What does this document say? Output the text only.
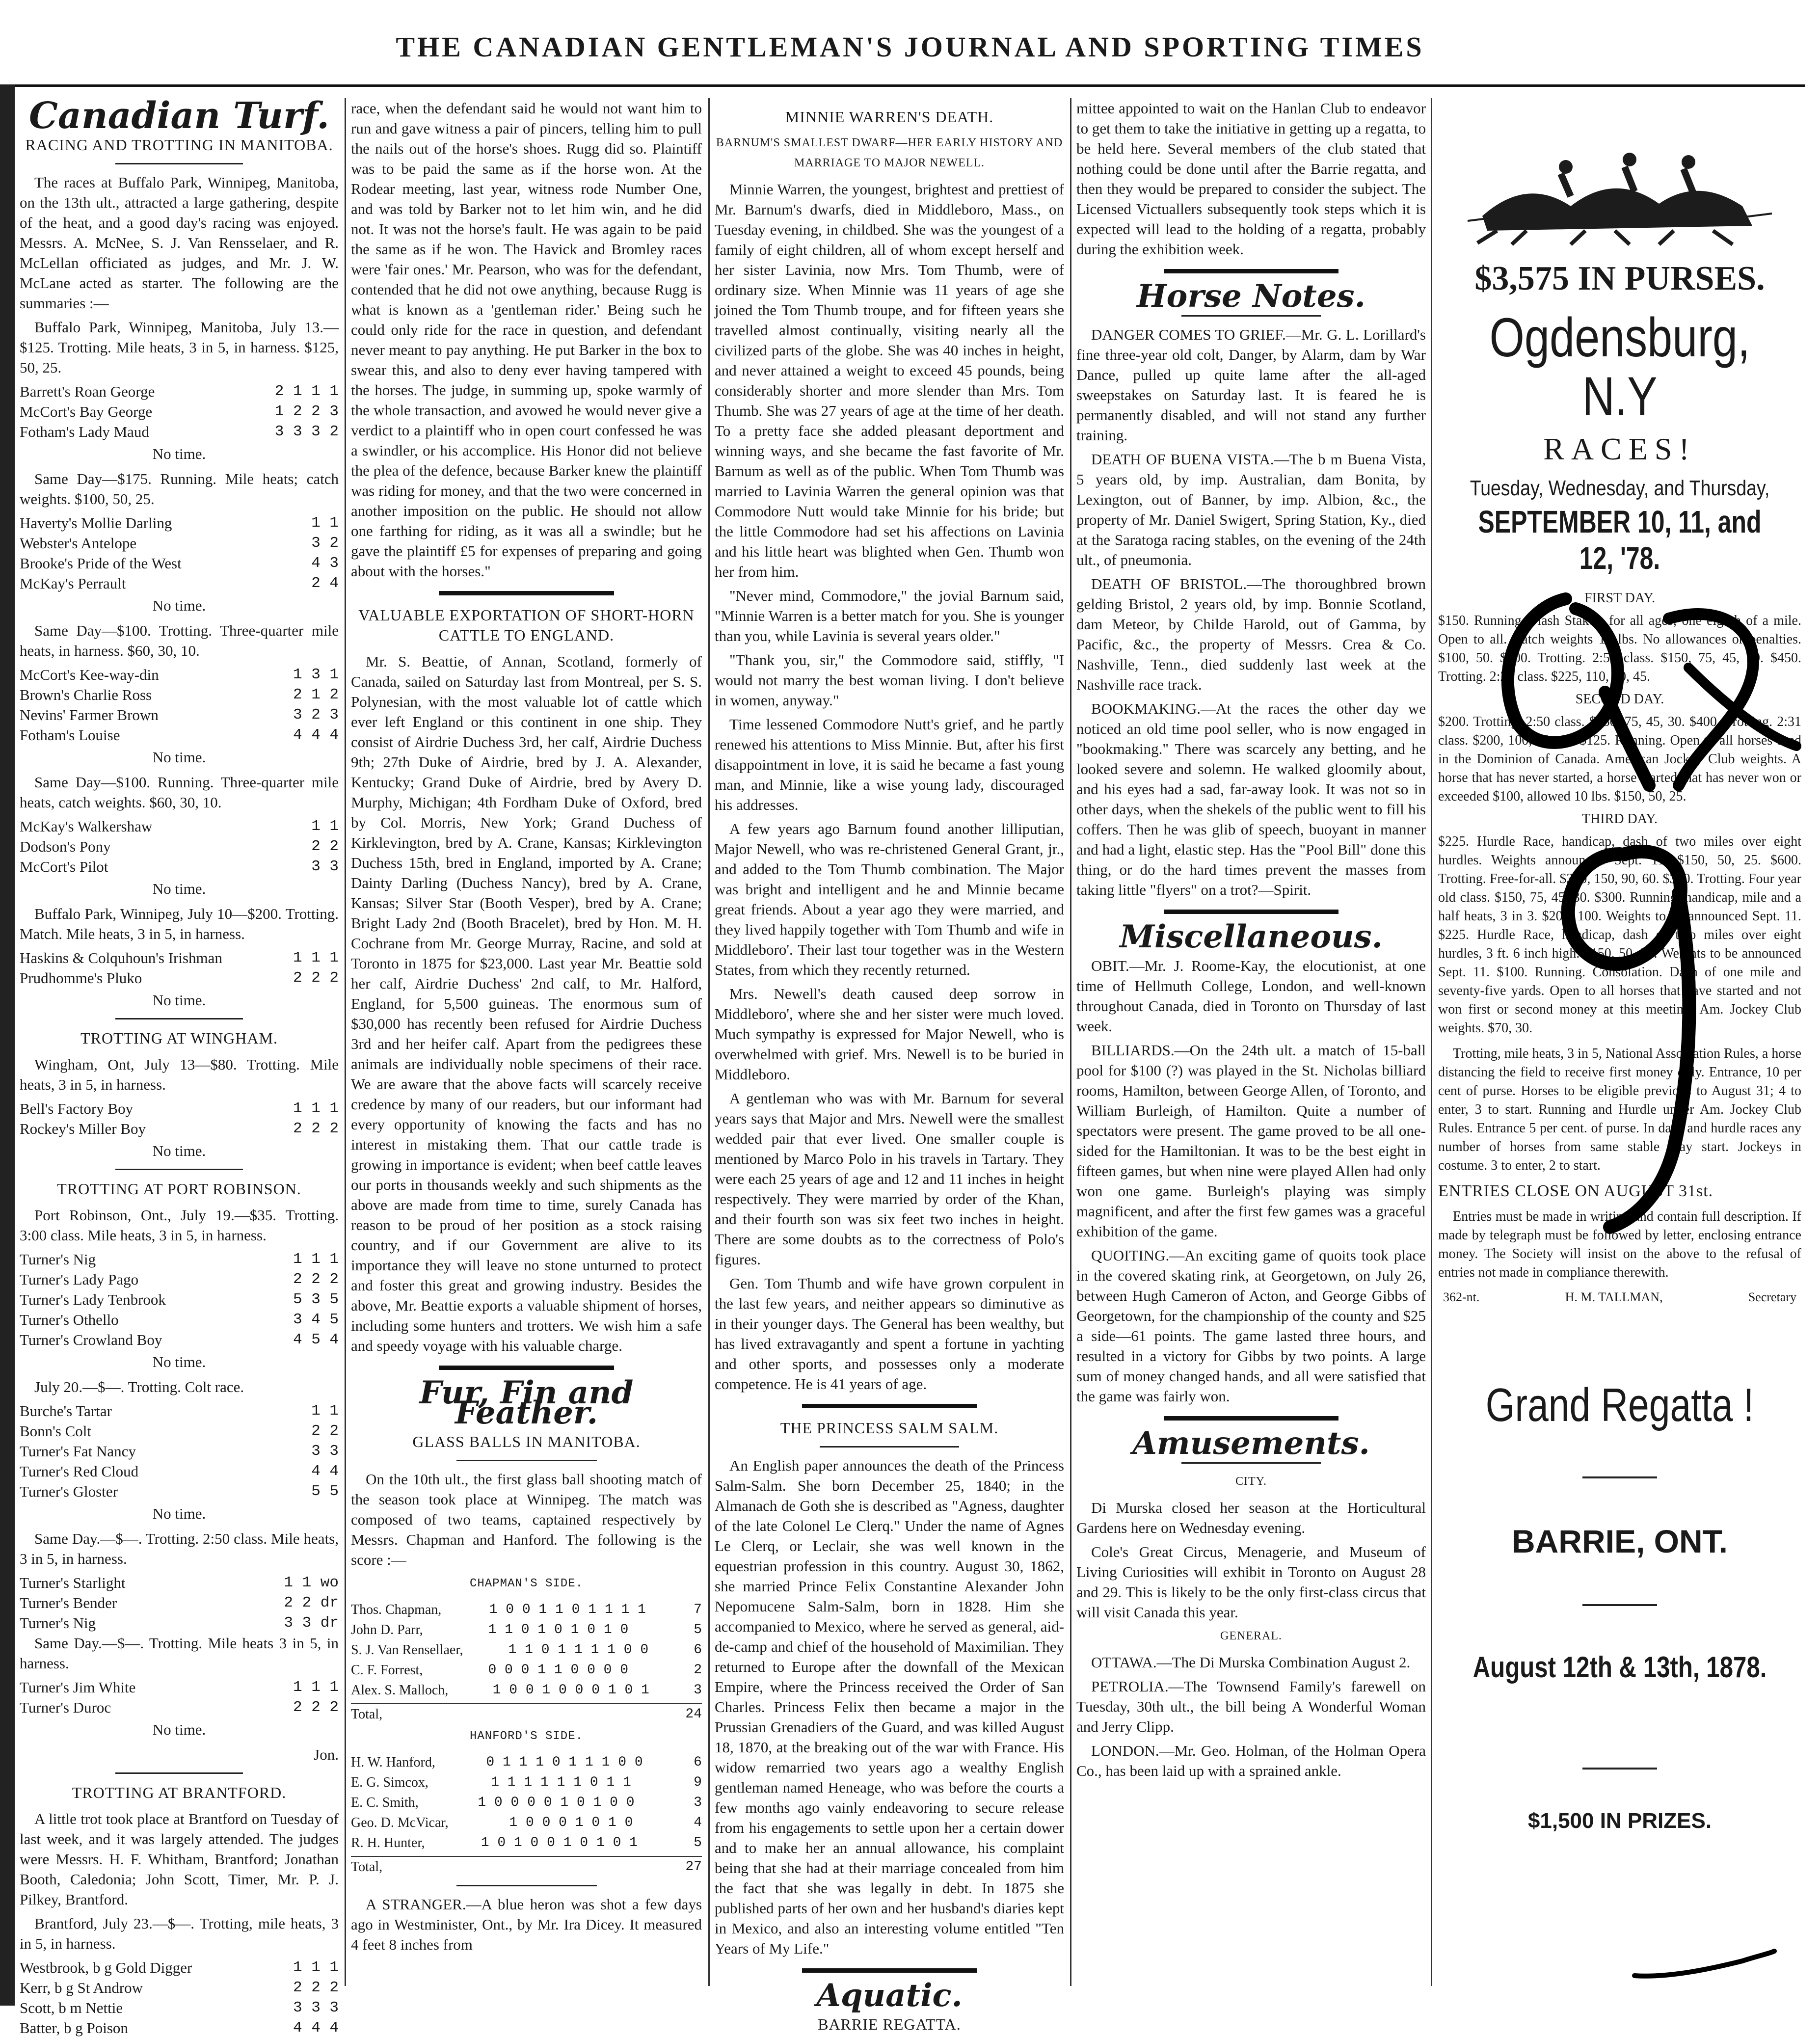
THE CANADIAN GENTLEMAN'S JOURNAL AND SPORTING TIMES
Canadian Turf.
RACING AND TROTTING IN MANITOBA.

The races at Buffalo Park, Winnipeg, Manitoba, on the 13th ult., attracted a large gathering, despite of the heat, and a good day's racing was enjoyed. Messrs. A. McNee, S. J. Van Rensselaer, and R. McLellan officiated as judges, and Mr. J. W. McLane acted as starter. The following are the summaries :—

Buffalo Park, Winnipeg, Manitoba, July 13.—$125. Trotting. Mile heats, 3 in 5, in harness. $125, 50, 25.

Barrett's Roan George	2 1 1 1
McCort's Bay George	1 2 2 3
Fotham's Lady Maud	3 3 3 2
No time.

Same Day—$175. Running. Mile heats; catch weights. $100, 50, 25.

Haverty's Mollie Darling	1 1
Webster's Antelope	3 2
Brooke's Pride of the West	4 3
McKay's Perrault	2 4
No time.

Same Day—$100. Trotting. Three-quarter mile heats, in harness. $60, 30, 10.

McCort's Kee-way-din	1 3 1
Brown's Charlie Ross	2 1 2
Nevins' Farmer Brown	3 2 3
Fotham's Louise	4 4 4
No time.

Same Day—$100. Running. Three-quarter mile heats, catch weights. $60, 30, 10.

McKay's Walkershaw	1 1
Dodson's Pony	2 2
McCort's Pilot	3 3
No time.

Buffalo Park, Winnipeg, July 10—$200. Trotting. Match. Mile heats, 3 in 5, in harness.

Haskins & Colquhoun's Irishman	1 1 1
Prudhomme's Pluko	2 2 2
No time.
TROTTING AT WINGHAM.

Wingham, Ont, July 13—$80. Trotting. Mile heats, 3 in 5, in harness.

Bell's Factory Boy	1 1 1
Rockey's Miller Boy	2 2 2
No time.
TROTTING AT PORT ROBINSON.

Port Robinson, Ont., July 19.—$35. Trotting. 3:00 class. Mile heats, 3 in 5, in harness.

Turner's Nig	1 1 1
Turner's Lady Pago	2 2 2
Turner's Lady Tenbrook	5 3 5
Turner's Othello	3 4 5
Turner's Crowland Boy	4 5 4
No time.

July 20.—$—. Trotting. Colt race.

Burche's Tartar	1 1
Bonn's Colt	2 2
Turner's Fat Nancy	3 3
Turner's Red Cloud	4 4
Turner's Gloster	5 5
No time.

Same Day.—$—. Trotting. 2:50 class. Mile heats, 3 in 5, in harness.

Turner's Starlight	1 1 wo
Turner's Bender	2 2 dr
Turner's Nig	3 3 dr

Same Day.—$—. Trotting. Mile heats 3 in 5, in harness.

Turner's Jim White	1 1 1
Turner's Duroc	2 2 2
No time.
Jon.
TROTTING AT BRANTFORD.

A little trot took place at Brantford on Tuesday of last week, and it was largely attended. The judges were Messrs. H. F. Whitham, Brantford; Jonathan Booth, Caledonia; John Scott, Timer, Mr. P. J. Pilkey, Brantford.

Brantford, July 23.—$—. Trotting, mile heats, 3 in 5, in harness.

Westbrook, b g Gold Digger	1 1 1
Kerr, b g St Androw	2 2 2
Scott, b m Nettie	3 3 3
Batter, b g Poison	4 4 4

race, when the defendant said he would not want him to run and gave witness a pair of pincers, telling him to pull the nails out of the horse's shoes. Rugg did so. Plaintiff was to be paid the same as if the horse won. At the Rodear meeting, last year, witness rode Number One, and was told by Barker not to let him win, and he did not. It was not the horse's fault. He was again to be paid the same as if he won. The Havick and Bromley races were 'fair ones.' Mr. Pearson, who was for the defendant, contended that he did not owe anything, because Rugg is what is known as a 'gentleman rider.' Being such he could only ride for the race in question, and defendant never meant to pay anything. He put Barker in the box to swear this, and also to deny ever having tampered with the horses. The judge, in summing up, spoke warmly of the whole transaction, and avowed he would never give a verdict to a plaintiff who in open court confessed he was a swindler, or his accomplice. His Honor did not believe the plea of the defence, because Barker knew the plaintiff was riding for money, and that the two were concerned in another imposition on the public. He should not allow one farthing for riding, as it was all a swindle; but he gave the plaintiff £5 for expenses of preparing and going about with the horses."

VALUABLE EXPORTATION OF SHORT-HORN CATTLE TO ENGLAND.

Mr. S. Beattie, of Annan, Scotland, formerly of Canada, sailed on Saturday last from Montreal, per S. S. Polynesian, with the most valuable lot of cattle which ever left England or this continent in one ship. They consist of Airdrie Duchess 3rd, her calf, Airdrie Duchess 9th; 27th Duke of Airdrie, bred by J. A. Alexander, Kentucky; Grand Duke of Airdrie, bred by Avery D. Murphy, Michigan; 4th Fordham Duke of Oxford, bred by Col. Morris, New York; Grand Duchess of Kirklevington, bred by A. Crane, Kansas; Kirklevington Duchess 15th, bred in England, imported by A. Crane; Dainty Darling (Duchess Nancy), bred by A. Crane, Kansas; Silver Star (Booth Vesper), bred by A. Crane; Bright Lady 2nd (Booth Bracelet), bred by Hon. M. H. Cochrane from Mr. George Murray, Racine, and sold at Toronto in 1875 for $23,000. Last year Mr. Beattie sold her calf, Airdrie Duchess' 2nd calf, to Mr. Halford, England, for 5,500 guineas. The enormous sum of $30,000 has recently been refused for Airdrie Duchess 3rd and her heifer calf. Apart from the pedigrees these animals are individually noble specimens of their race. We are aware that the above facts will scarcely receive credence by many of our readers, but our informant had every opportunity of knowing the facts and has no interest in mistaking them. That our cattle trade is growing in importance is evident; when beef cattle leaves our ports in thousands weekly and such shipments as the above are made from time to time, surely Canada has reason to be proud of her position as a stock raising country, and if our Government are alive to its importance they will leave no stone unturned to protect and foster this great and growing industry. Besides the above, Mr. Beattie exports a valuable shipment of horses, including some hunters and trotters. We wish him a safe and speedy voyage with his valuable charge.

Fur, Fin and Feather.
GLASS BALLS IN MANITOBA.

On the 10th ult., the first glass ball shooting match of the season took place at Winnipeg. The match was composed of two teams, captained respectively by Messrs. Chapman and Hanford. The following is the score :—

CHAPMAN'S SIDE.
Thos. Chapman,	1 0 0 1 1 0 1 1 1 1	7
John D. Parr,	1 1 0 1 0 1 0 1 0	5
S. J. Van Rensellaer,	1 1 0 1 1 1 1 0 0	6
C. F. Forrest,	0 0 0 1 1 0 0 0 0	2
Alex. S. Malloch,	1 0 0 1 0 0 0 1 0 1	3
Total,	24
HANFORD'S SIDE.
H. W. Hanford,	0 1 1 1 0 1 1 1 0 0	6
E. G. Simcox,	1 1 1 1 1 1 0 1 1	9
E. C. Smith,	1 0 0 0 0 1 0 1 0 0	3
Geo. D. McVicar,	1 0 0 0 1 0 1 0	4
R. H. Hunter,	1 0 1 0 0 1 0 1 0 1	5
Total,	27

A STRANGER.—A blue heron was shot a few days ago in Westminister, Ont., by Mr. Ira Dicey. It measured 4 feet 8 inches from

MINNIE WARREN'S DEATH.
BARNUM'S SMALLEST DWARF—HER EARLY HISTORY AND MARRIAGE TO MAJOR NEWELL.

Minnie Warren, the youngest, brightest and prettiest of Mr. Barnum's dwarfs, died in Middleboro, Mass., on Tuesday evening, in childbed. She was the youngest of a family of eight children, all of whom except herself and her sister Lavinia, now Mrs. Tom Thumb, were of ordinary size. When Minnie was 11 years of age she joined the Tom Thumb troupe, and for fifteen years she travelled almost continually, visiting nearly all the civilized parts of the globe. She was 40 inches in height, and never attained a weight to exceed 45 pounds, being considerably shorter and more slender than Mrs. Tom Thumb. She was 27 years of age at the time of her death. To a pretty face she added pleasant deportment and winning ways, and she became the fast favorite of Mr. Barnum as well as of the public. When Tom Thumb was married to Lavinia Warren the general opinion was that Commodore Nutt would take Minnie for his bride; but the little Commodore had set his affections on Lavinia and his little heart was blighted when Gen. Thumb won her from him.

"Never mind, Commodore," the jovial Barnum said, "Minnie Warren is a better match for you. She is younger than you, while Lavinia is several years older."

"Thank you, sir," the Commodore said, stiffly, "I would not marry the best woman living. I don't believe in women, anyway."

Time lessened Commodore Nutt's grief, and he partly renewed his attentions to Miss Minnie. But, after his first disappointment in love, it is said he became a fast young man, and Minnie, like a wise young lady, discouraged his addresses.

A few years ago Barnum found another lilliputian, Major Newell, who was re-christened General Grant, jr., and added to the Tom Thumb combination. The Major was bright and intelligent and he and Minnie became great friends. About a year ago they were married, and they lived happily together with Tom Thumb and wife in Middleboro'. Their last tour together was in the Western States, from which they recently returned.

Mrs. Newell's death caused deep sorrow in Middleboro', where she and her sister were much loved. Much sympathy is expressed for Major Newell, who is overwhelmed with grief. Mrs. Newell is to be buried in Middleboro.

A gentleman who was with Mr. Barnum for several years says that Major and Mrs. Newell were the smallest wedded pair that ever lived. One smaller couple is mentioned by Marco Polo in his travels in Tartary. They were each 25 years of age and 12 and 11 inches in height respectively. They were married by order of the Khan, and their fourth son was six feet two inches in height. There are some doubts as to the correctness of Polo's figures.

Gen. Tom Thumb and wife have grown corpulent in the last few years, and neither appears so diminutive as in their younger days. The General has been wealthy, but has lived extravagantly and spent a fortune in yachting and other sports, and possesses only a moderate competence. He is 41 years of age.

THE PRINCESS SALM SALM.

An English paper announces the death of the Princess Salm-Salm. She born December 25, 1840; in the Almanach de Goth she is described as "Agness, daughter of the late Colonel Le Clerq." Under the name of Agnes Le Clerq, or Leclair, she was well known in the equestrian profession in this country. August 30, 1862, she married Prince Felix Constantine Alexander John Nepomucene Salm-Salm, born in 1828. Him she accompanied to Mexico, where he served as general, aid-de-camp and chief of the household of Maximilian. They returned to Europe after the downfall of the Mexican Empire, where the Princess received the Order of San Charles. Princess Felix then became a major in the Prussian Grenadiers of the Guard, and was killed August 18, 1870, at the breaking out of the war with France. His widow remarried two years ago a wealthy English gentleman named Heneage, who was before the courts a few months ago vainly endeavoring to secure release from his engagements to settle upon her a certain dower and to make her an annual allowance, his complaint being that she had at their marriage concealed from him the fact that she was legally in debt. In 1875 she published parts of her own and her husband's diaries kept in Mexico, and also an interesting volume entitled "Ten Years of My Life."

Aquatic.
BARRIE REGATTA.

mittee appointed to wait on the Hanlan Club to endeavor to get them to take the initiative in getting up a regatta, to be held here. Several members of the club stated that nothing could be done until after the Barrie regatta, and then they would be prepared to consider the subject. The Licensed Victuallers subsequently took steps which it is expected will lead to the holding of a regatta, probably during the exhibition week.

Horse Notes.

DANGER COMES TO GRIEF.—Mr. G. L. Lorillard's fine three-year old colt, Danger, by Alarm, dam by War Dance, pulled up quite lame after the all-aged sweepstakes on Saturday last. It is feared he is permanently disabled, and will not stand any further training.

DEATH OF BUENA VISTA.—The b m Buena Vista, 5 years old, by imp. Australian, dam Bonita, by Lexington, out of Banner, by imp. Albion, &c., the property of Mr. Daniel Swigert, Spring Station, Ky., died at the Saratoga racing stables, on the evening of the 24th ult., of pneumonia.

DEATH OF BRISTOL.—The thoroughbred brown gelding Bristol, 2 years old, by imp. Bonnie Scotland, dam Meteor, by Childe Harold, out of Gamma, by Pacific, &c., the property of Messrs. Crea & Co. Nashville, Tenn., died suddenly last week at the Nashville race track.

BOOKMAKING.—At the races the other day we noticed an old time pool seller, who is now engaged in "bookmaking." There was scarcely any betting, and he looked severe and solemn. He walked gloomily about, and his eyes had a sad, far-away look. It was not so in other days, when the shekels of the public went to fill his coffers. Then he was glib of speech, buoyant in manner and had a light, elastic step. Has the "Pool Bill" done this thing, or do the hard times prevent the masses from taking little "flyers" on a trot?—Spirit.

Miscellaneous.

OBIT.—Mr. J. Roome-Kay, the elocutionist, at one time of Hellmuth College, London, and well-known throughout Canada, died in Toronto on Thursday of last week.

BILLIARDS.—On the 24th ult. a match of 15-ball pool for $100 (?) was played in the St. Nicholas billiard rooms, Hamilton, between George Allen, of Toronto, and William Burleigh, of Hamilton. Quite a number of spectators were present. The game proved to be all one-sided for the Hamiltonian. It was to be the best eight in fifteen games, but when nine were played Allen had only won one game. Burleigh's playing was simply magnificent, and after the first few games was a graceful exhibition of the game.

QUOITING.—An exciting game of quoits took place in the covered skating rink, at Georgetown, on July 26, between Hugh Cameron of Acton, and George Gibbs of Georgetown, for the championship of the county and $25 a side—61 points. The game lasted three hours, and resulted in a victory for Gibbs by two points. A large sum of money changed hands, and all were satisfied that the game was fairly won.

Amusements.
CITY.

Di Murska closed her season at the Horticultural Gardens here on Wednesday evening.

Cole's Great Circus, Menagerie, and Museum of Living Curiosities will exhibit in Toronto on August 28 and 29. This is likely to be the only first-class circus that will visit Canada this year.

GENERAL.

OTTAWA.—The Di Murska Combination August 2.

PETROLIA.—The Townsend Family's farewell on Tuesday, 30th ult., the bill being A Wonderful Woman and Jerry Clipp.

LONDON.—Mr. Geo. Holman, of the Holman Opera Co., has been laid up with a sprained ankle.

$3,575 IN PURSES.
Ogdensburg, N.Y
RACES!
Tuesday, Wednesday, and Thursday,
SEPTEMBER 10, 11, and 12, '78.
FIRST DAY.
$150. Running. Flash Stakes, for all ages; one eighth of a mile. Open to all. Catch weights 10 lbs. No allowances or penalties. $100, 50. $300. Trotting. 2:50 class. $150, 75, 45, 30. $450. Trotting. 2:28 class. $225, 110, 70, 45.
SECOND DAY.
$200. Trotting. 2:50 class. $150, 75, 45, 30. $400. Trotting. 2:31 class. $200, 100, 60, 40. $125. Running. Open to all horses bred in the Dominion of Canada. American Jockey Club weights. A horse that has never started, a horse started that has never won or exceeded $100, allowed 10 lbs. $150, 50, 25.
THIRD DAY.
$225. Hurdle Race, handicap, dash of two miles over eight hurdles. Weights announced Sept. 11. $150, 50, 25. $600. Trotting. Free-for-all. $300, 150, 90, 60. $300. Trotting. Four year old class. $150, 75, 45, 30. $300. Running, handicap, mile and a half heats, 3 in 3. $200, 100. Weights to be announced Sept. 11. $225. Hurdle Race, handicap, dash of two miles over eight hurdles, 3 ft. 6 inch high. $150, 50, 25. Weights to be announced Sept. 11. $100. Running. Consolation. Dash of one mile and seventy-five yards. Open to all horses that have started and not won first or second money at this meeting. Am. Jockey Club weights. $70, 30.
Trotting, mile heats, 3 in 5, National Association Rules, a horse distancing the field to receive first money only. Entrance, 10 per cent of purse. Horses to be eligible previous to August 31; 4 to enter, 3 to start. Running and Hurdle under Am. Jockey Club Rules. Entrance 5 per cent. of purse. In dash and hurdle races any number of horses from same stable may start. Jockeys in costume. 3 to enter, 2 to start.
ENTRIES CLOSE ON AUGUST 31st.
Entries must be made in writing and contain full description. If made by telegraph must be followed by letter, enclosing entrance money. The Society will insist on the above to the refusal of entries not made in compliance therewith.
362-nt.	H. M. TALLMAN,	Secretary
Grand Regatta !
BARRIE, ONT.
August 12th & 13th, 1878.
$1,500 IN PRIZES.
